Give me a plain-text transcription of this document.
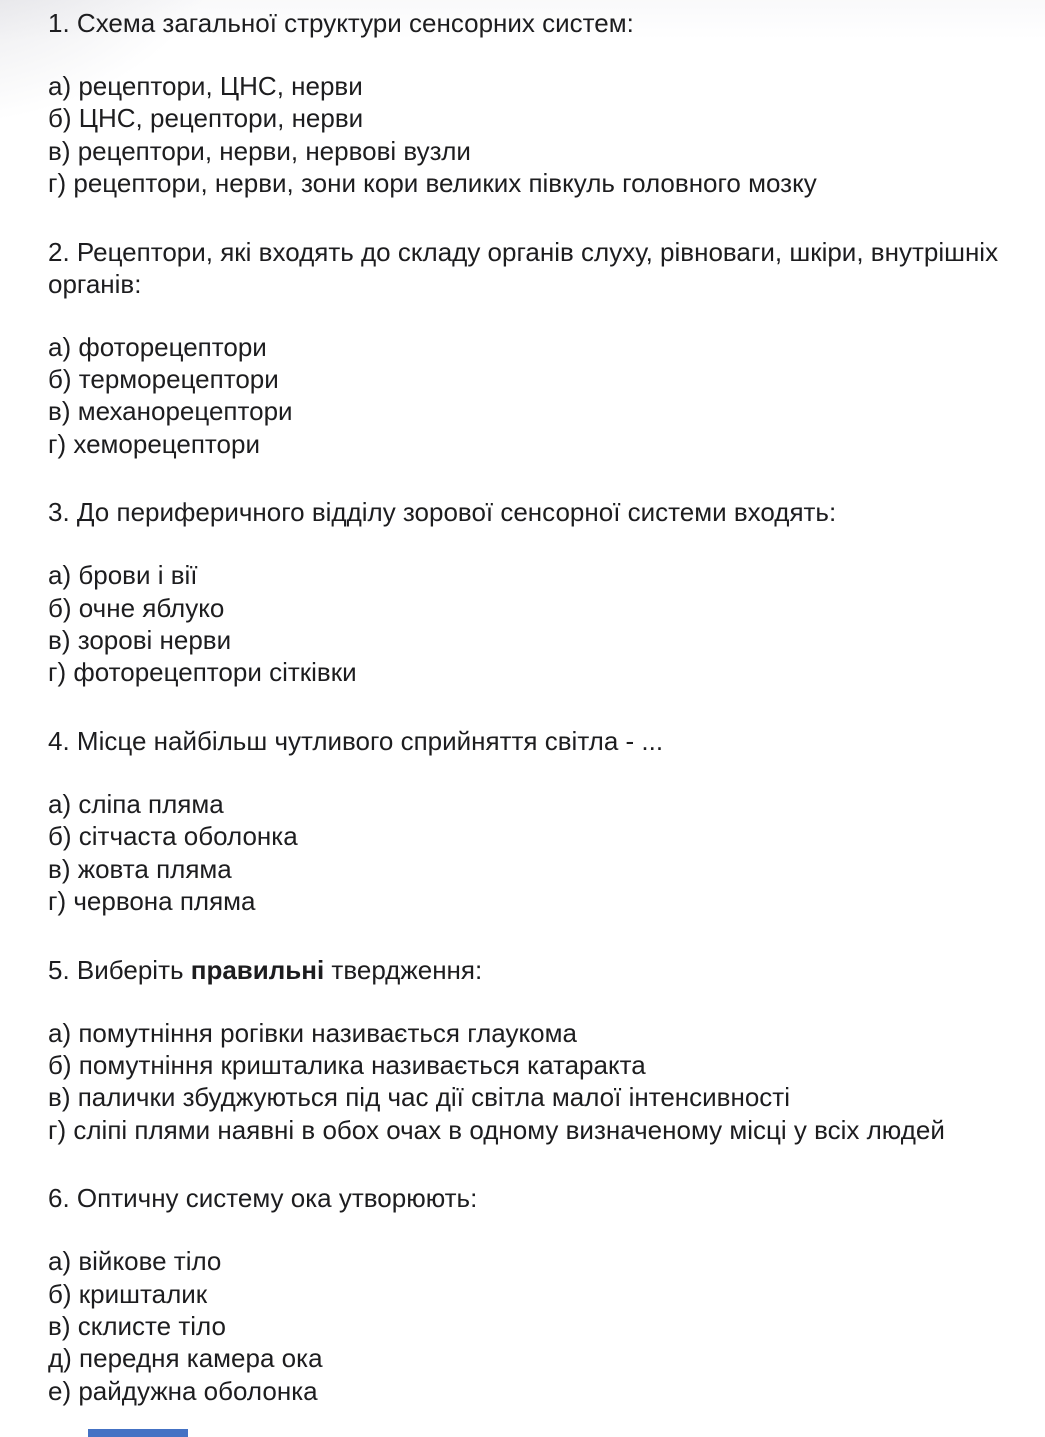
1. Схема загальної структури сенсорних систем:

а) рецептори, ЦНС, нерви

б) ЦНС, рецептори, нерви

в) рецептори, нерви, нервові вузли

г) рецептори, нерви, зони кори великих півкуль головного мозку

2. Рецептори, які входять до складу органів слуху, рівноваги, шкіри, внутрішніх органів:

а) фоторецептори

б) терморецептори

в) механорецептори

г) хеморецептори

3. До периферичного відділу зорової сенсорної системи входять:

а) брови і вії

б) очне яблуко

в) зорові нерви

г) фоторецептори сітківки

4. Місце найбільш чутливого сприйняття світла - ...

а) сліпа пляма

б) сітчаста оболонка

в) жовта пляма

г) червона пляма

5. Виберіть правильні твердження:

а) помутніння рогівки називається глаукома

б) помутніння кришталика називається катаракта

в) палички збуджуються під час дії світла малої інтенсивності

г) сліпі плями наявні в обох очах в одному визначеному місці у всіх людей

6. Оптичну систему ока утворюють:

а) війкове тіло

б) кришталик

в) склисте тіло

д) передня камера ока

е) райдужна оболонка
